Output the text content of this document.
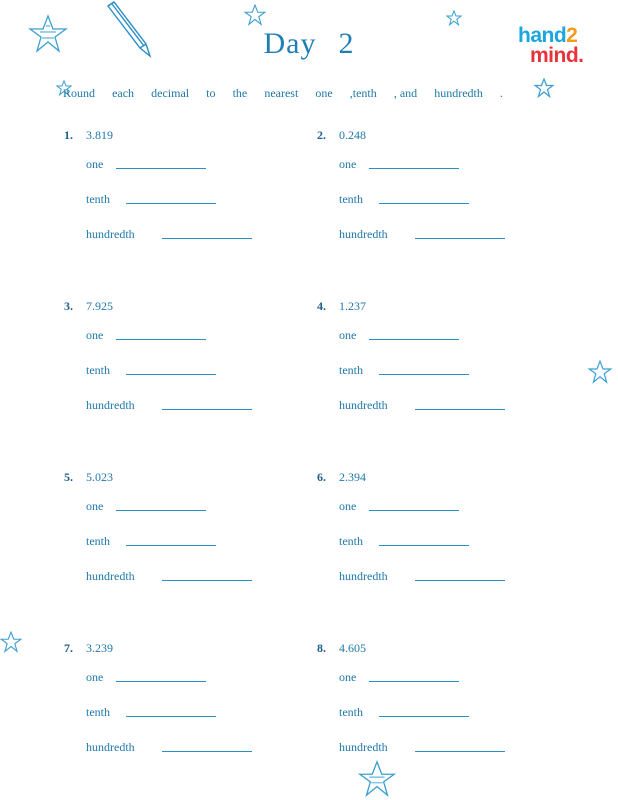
Day 2	hand2
mind.
Round each decimal to the nearest one ,tenth , and hundredth .
1. 3.819
one
tenth
hundredth
2. 0.248
one
tenth
hundredth
3. 7.925
one
tenth
hundredth
4. 1.237
one
tenth
hundredth
5. 5.023
one
tenth
hundredth
6. 2.394
one
tenth
hundredth
7. 3.239
one
tenth
hundredth
8. 4.605
one
tenth
hundredth
